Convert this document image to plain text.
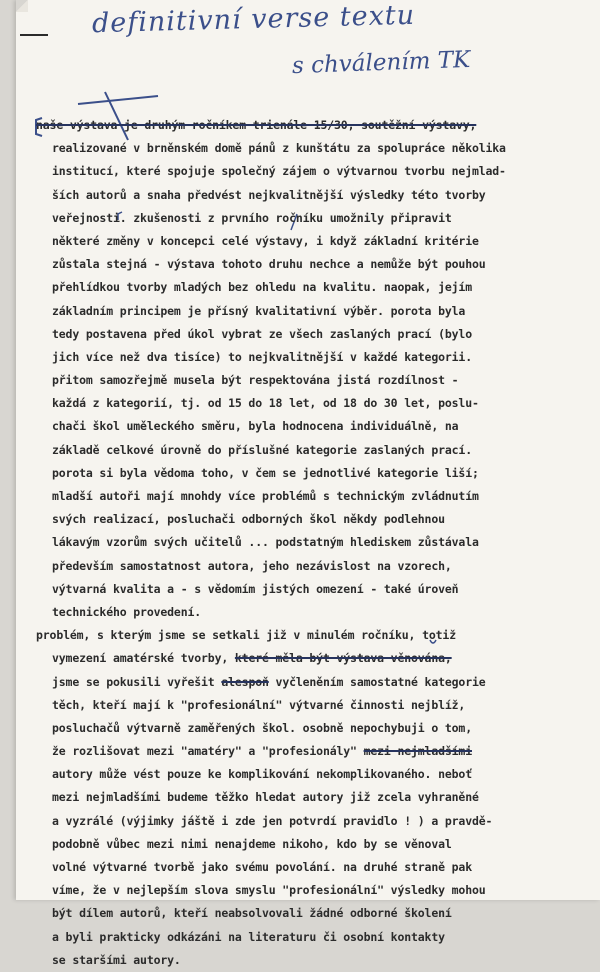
definitivní verse textu
s chválením TK
naše výstava je druhým ročníkem trienále 15/30, soutěžní výstavy,
realizované v brněnském domě pánů z kunštátu za spolupráce několika
institucí, které spojuje společný zájem o výtvarnou tvorbu nejmlad-
ších autorů a snaha předvést nejkvalitnější výsledky této tvorby
veřejnosti. zkušenosti z prvního ročníku umožnily připravit
některé změny v koncepci celé výstavy, i když základní kritérie
zůstala stejná - výstava tohoto druhu nechce a nemůže být pouhou
přehlídkou tvorby mladých bez ohledu na kvalitu. naopak, jejím
základním principem je přísný kvalitativní výběr. porota byla
tedy postavena před úkol vybrat ze všech zaslaných prací (bylo
jich více než dva tisíce) to nejkvalitnější v každé kategorii.
přitom samozřejmě musela být respektována jistá rozdílnost -
každá z kategorií, tj. od 15 do 18 let, od 18 do 30 let, poslu-
chači škol uměleckého směru, byla hodnocena individuálně, na
základě celkové úrovně do příslušné kategorie zaslaných prací.
porota si byla vědoma toho, v čem se jednotlivé kategorie liší;
mladší autoři mají mnohdy více problémů s technickým zvládnutím
svých realizací, posluchači odborných škol někdy podlehnou
lákavým vzorům svých učitelů ... podstatným hlediskem zůstávala
především samostatnost autora, jeho nezávislost na vzorech,
výtvarná kvalita a - s vědomím jistých omezení - také úroveň
technického provedení.
problém, s kterým jsme se setkali již v minulém ročníku, totiž
vymezení amatérské tvorby, které měla být výstava věnována,
jsme se pokusili vyřešit alespoň vyčleněním samostatné kategorie
těch, kteří mají k "profesionální" výtvarné činnosti nejblíž,
posluchačů výtvarně zaměřených škol. osobně nepochybuji o tom,
že rozlišovat mezi "amatéry" a "profesionály" mezi nejmladšími
autory může vést pouze ke komplikování nekomplikovaného. neboť
mezi nejmladšími budeme těžko hledat autory již zcela vyhraněné
a vyzrálé (výjimky jáště i zde jen potvrdí pravidlo ! ) a pravdě-
podobně vůbec mezi nimi nenajdeme nikoho, kdo by se věnoval
volné výtvarné tvorbě jako svému povolání. na druhé straně pak
víme, že v nejlepším slova smyslu "profesionální" výsledky mohou
být dílem autorů, kteří neabsolvovali žádné odborné školení
a byli prakticky odkázáni na literaturu či osobní kontakty
se staršími autory.
